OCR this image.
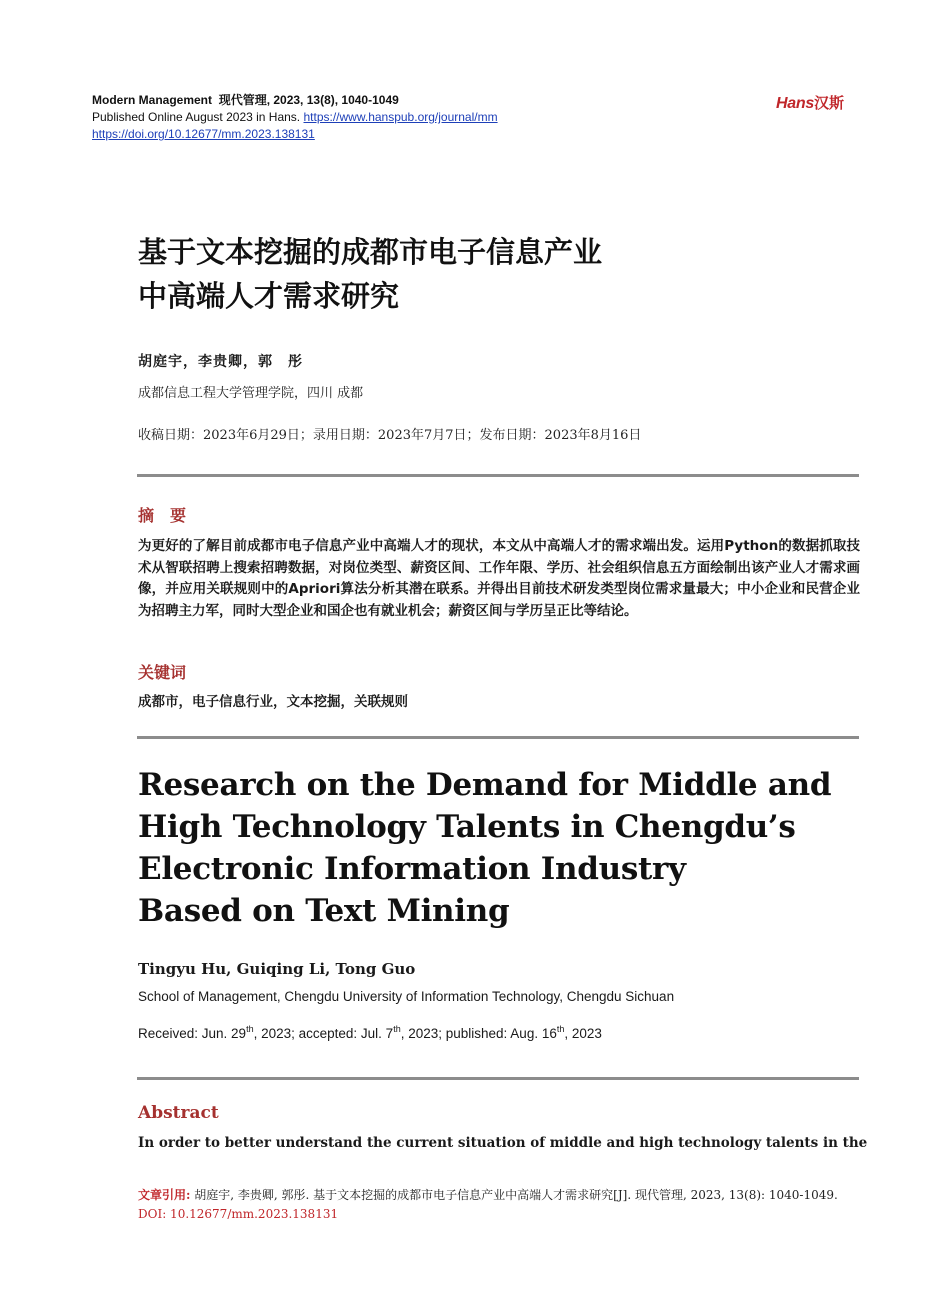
Modern Management 现代管理, 2023, 13(8), 1040-1049
Published Online August 2023 in Hans. https://www.hanspub.org/journal/mm
https://doi.org/10.12677/mm.2023.138131
Hans汉斯
基于文本挖掘的成都市电子信息产业
中高端人才需求研究
胡庭宇，李贵卿，郭　彤
成都信息工程大学管理学院，四川 成都
收稿日期：2023年6月29日；录用日期：2023年7月7日；发布日期：2023年8月16日
摘　要
为更好的了解目前成都市电子信息产业中高端人才的现状，本文从中高端人才的需求端出发。运用Python的数据抓取技术从智联招聘上搜索招聘数据，对岗位类型、薪资区间、工作年限、学历、社会组织信息五方面绘制出该产业人才需求画像，并应用关联规则中的Apriori算法分析其潜在联系。并得出目前技术研发类型岗位需求量最大；中小企业和民营企业为招聘主力军，同时大型企业和国企也有就业机会；薪资区间与学历呈正比等结论。
关键词
成都市，电子信息行业，文本挖掘，关联规则
Research on the Demand for Middle and
High Technology Talents in Chengdu’s
Electronic Information Industry
Based on Text Mining
Tingyu Hu, Guiqing Li, Tong Guo
School of Management, Chengdu University of Information Technology, Chengdu Sichuan
Received: Jun. 29th, 2023; accepted: Jul. 7th, 2023; published: Aug. 16th, 2023
Abstract
In order to better understand the current situation of middle and high technology talents in the
文章引用: 胡庭宇, 李贵卿, 郭彤. 基于文本挖掘的成都市电子信息产业中高端人才需求研究[J]. 现代管理, 2023, 13(8): 1040-1049. DOI: 10.12677/mm.2023.138131
